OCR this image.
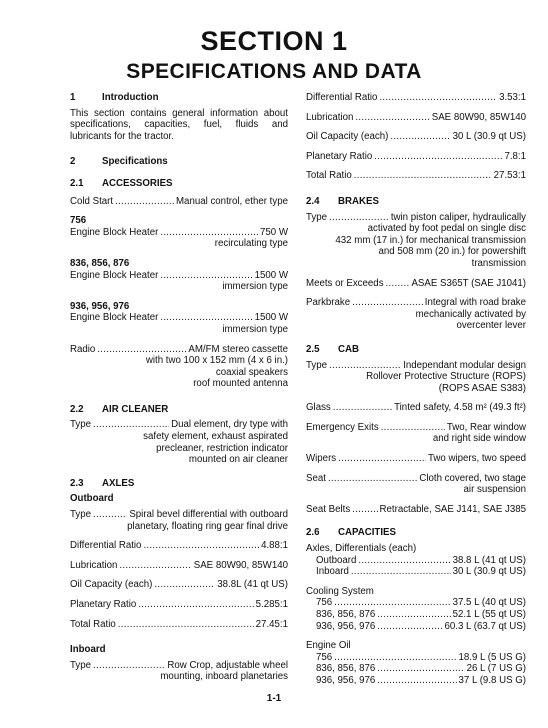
SECTION 1
SPECIFICATIONS AND DATA
1	Introduction
This section contains general information about specifications, capacities, fuel, fluids and lubricants for the tractor.
2	Specifications
2.1	ACCESSORIES
Cold Start .....	Manual control, ether type
756
Engine Block Heater .....	750 W
recirculating type
836, 856, 876
Engine Block Heater .....	1500 W
immersion type
936, 956, 976
Engine Block Heater .....	1500 W
immersion type
Radio .....	AM/FM stereo cassette
with two 100 x 152 mm (4 x 6 in.)
coaxial speakers
roof mounted antenna
2.2	AIR CLEANER
Type .....	Dual element, dry type with
safety element, exhaust aspirated
precleaner, restriction indicator
mounted on air cleaner
2.3	AXLES
Outboard
Type .....	Spiral bevel differential with outboard
planetary, floating ring gear final drive
Differential Ratio .....	4.88:1
Lubrication .....	SAE 80W90, 85W140
Oil Capacity (each) .....	38.8L (41 qt US)
Planetary Ratio .....	5.285:1
Total Ratio .....	27.45:1
Inboard
Type .....	Row Crop, adjustable wheel
mounting, inboard planetaries
Differential Ratio .....	3.53:1
Lubrication .....	SAE 80W90, 85W140
Oil Capacity (each) .....	30 L (30.9 qt US)
Planetary Ratio .....	7.8:1
Total Ratio .....	27.53:1
2.4	BRAKES
Type .....	twin piston caliper, hydraulically
activated by foot pedal on single disc
432 mm (17 in.) for mechanical transmission
and 508 mm (20 in.) for powershift
transmission
Meets or Exceeds .....	ASAE S365T (SAE J1041)
Parkbrake .....	Integral with road brake
mechanically activated by
overcenter lever
2.5	CAB
Type .....	Independant modular design
Rollover Protective Structure (ROPS)
(ROPS ASAE S383)
Glass .....	Tinted safety, 4.58 m² (49.3 ft²)
Emergency Exits .....	Two, Rear window
and right side window
Wipers .....	Two wipers, two speed
Seat .....	Cloth covered, two stage
air suspension
Seat Belts .....	Retractable, SAE J141, SAE J385
2.6	CAPACITIES
Axles, Differentials (each)
Outboard .....	38.8 L (41 qt US)
Inboard .....	30 L (30.9 qt US)
Cooling System
756 .....	37.5 L (40 qt US)
836, 856, 876 .....	52.1 L (55 qt US)
936, 956, 976 .....	60.3 L (63.7 qt US)
Engine Oil
756 .....	18.9 L (5 US G)
836, 856, 876 .....	26 L (7 US G)
936, 956, 976 .....	37 L (9.8 US G)
1-1
